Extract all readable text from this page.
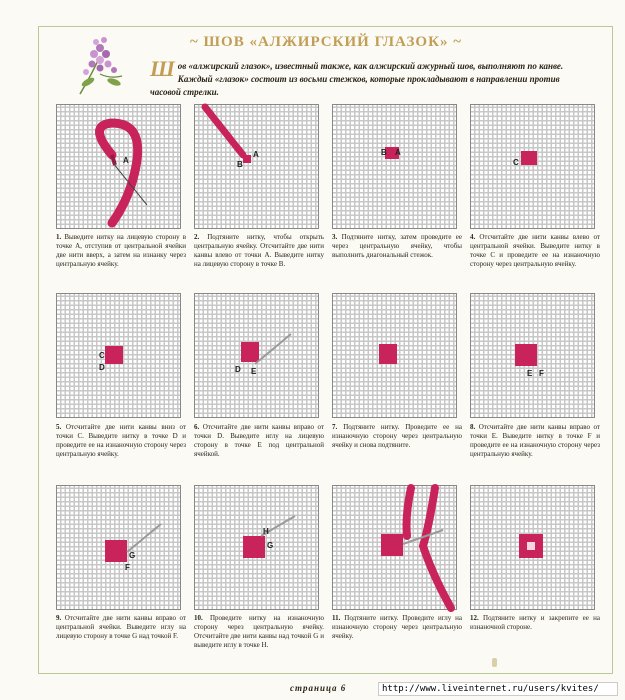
~ ШОВ «АЛЖИРСКИЙ ГЛАЗОК» ~
Шов «алжирский глазок», известный также, как алжирский ажурный шов, выполняют по канве. Каждый «глазок» состоит из восьми стежков, которые прокладывают в направлении против часовой стрелки.
A
1. Выведите нитку на лицевую сторону в точке А, отступив от центральной ячейки две нити вверх, а затем на изнанку через центральную ячейку.
A
B
2. Подтяните нитку, чтобы открыть центральную ячейку. Отсчитайте две нити канвы влево от точки А. Выведите нитку на лицевую сторону в точке В.
B A
3. Подтяните нитку, затем проведите ее через центральную ячейку, чтобы выполнить диагональный стежок.
C
4. Отсчитайте две нити канвы влево от центральной ячейки. Выведите нитку в точке С и проведите ее на изнаночную сторону через центральную ячейку.
C
D
5. Отсчитайте две нити канвы вниз от точки С. Выведите нитку в точке D и проведите ее на изнаночную сторону через центральную ячейку.
D E
6. Отсчитайте две нити канвы вправо от точки D. Выведите иглу на лицевую сторону в точке Е под центральной ячейкой.
7. Подтяните нитку. Проведите ее на изнаночную сторону через центральную ячейку и снова подтяните.
E F
8. Отсчитайте две нити канвы вправо от точки Е. Выведите нитку в точке F и проведите ее на изнаночную сторону через центральную ячейку.
G
F
9. Отсчитайте две нити канвы вправо от центральной ячейки. Выведите иглу на лицевую сторону в точке G над точкой F.
H
G
10. Проведите нитку на изнаночную сторону через центральную ячейку. Отсчитайте две нити канвы над точкой G и выведите иглу в точке H.
11. Подтяните нитку. Проведите иглу на изнаночную сторону через центральную ячейку.
12. Подтяните нитку и закрепите ее на изнаночной стороне.
страница 6	http://www.liveinternet.ru/users/kvites/
